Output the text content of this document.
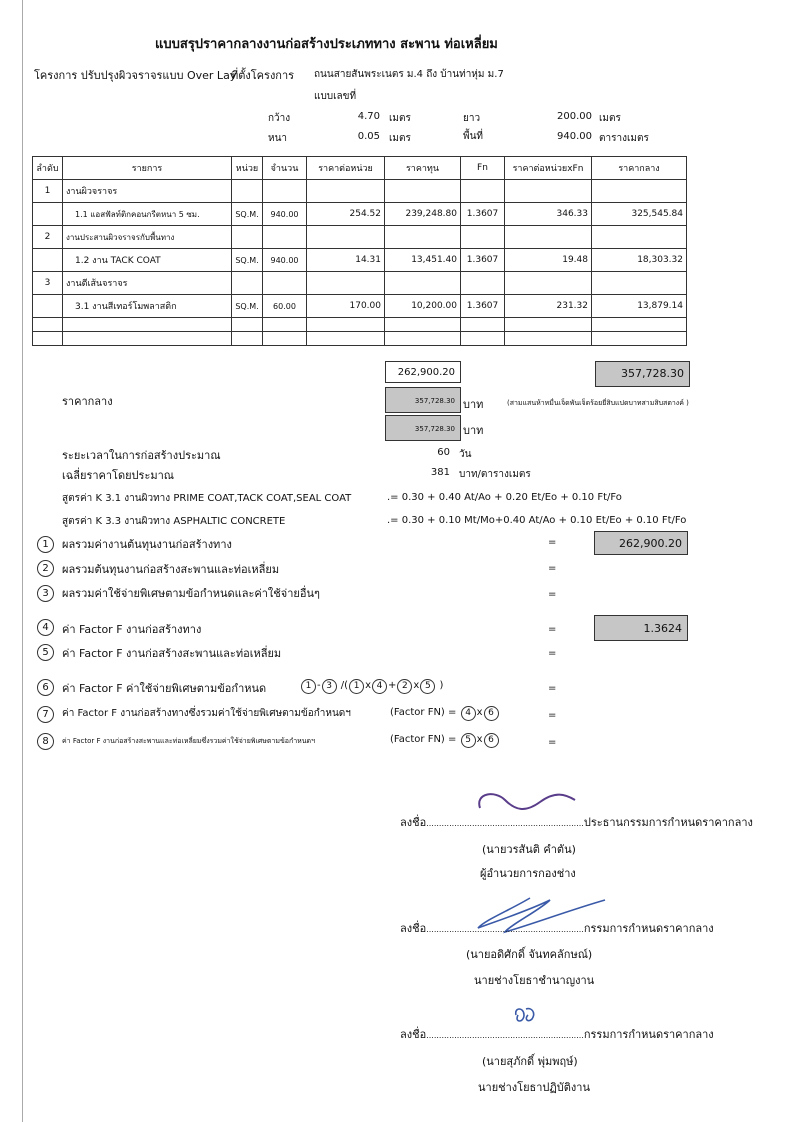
แบบสรุปราคากลางงานก่อสร้างประเภททาง สะพาน ท่อเหลี่ยม
โครงการ ปรับปรุงผิวจราจรแบบ Over Lay
ที่ตั้งโครงการ ถนนสายสันพระเนตร ม.4 ถึง บ้านท่าหุ่ม ม.7
แบบเลขที่
กว้าง	4.70 เมตร	ยาว	200.00 เมตร
หนา	0.05 เมตร	พื้นที่	940.00 ตารางเมตร
ลำดับ	รายการ	หน่วย	จำนวน	ราคาต่อหน่วย	ราคาทุน	Fn	ราคาต่อหน่วยxFn	ราคากลาง
1	งานผิวจราจร							
	1.1 แอสฟัลท์ติกคอนกรีตหนา 5 ซม.	SQ.M.	940.00	254.52	239,248.80	1.3607	346.33	325,545.84
2	งานประสานผิวจราจรกับพื้นทาง							
	1.2 งาน TACK COAT	SQ.M.	940.00	14.31	13,451.40	1.3607	19.48	18,303.32
3	งานตีเส้นจราจร							
	3.1 งานสีเทอร์โมพลาสติก	SQ.M.	60.00	170.00	10,200.00	1.3607	231.32	13,879.14

262,900.20	357,728.30
ราคากลาง	357,728.30 บาท	(สามแสนห้าหมื่นเจ็ดพันเจ็ดร้อยยี่สิบแปดบาทสามสิบสตางค์ )
357,728.30 บาท
ระยะเวลาในการก่อสร้างประมาณ	60 วัน
เฉลี่ยราคาโดยประมาณ	381 บาท/ตารางเมตร
สูตรค่า K 3.1 งานผิวทาง PRIME COAT,TACK COAT,SEAL COAT	.= 0.30 + 0.40 At/Ao + 0.20 Et/Eo + 0.10 Ft/Fo
สูตรค่า K 3.3 งานผิวทาง ASPHALTIC CONCRETE	.= 0.30 + 0.10 Mt/Mo+0.40 At/Ao + 0.10 Et/Eo + 0.10 Ft/Fo
1	ผลรวมค่างานต้นทุนงานก่อสร้างทาง	=	262,900.20
2	ผลรวมต้นทุนงานก่อสร้างสะพานและท่อเหลี่ยม	=
3	ผลรวมค่าใช้จ่ายพิเศษตามข้อกำหนดและค่าใช้จ่ายอื่นๆ	=
4	ค่า Factor F งานก่อสร้างทาง	=	1.3624
5	ค่า Factor F งานก่อสร้างสะพานและท่อเหลี่ยม	=
6	ค่า Factor F ค่าใช้จ่ายพิเศษตามข้อกำหนด	1 - 3 /( 1 x 4 + 2 x 5 )	=
7	ค่า Factor F งานก่อสร้างทางซึ่งรวมค่าใช้จ่ายพิเศษตามข้อกำหนดฯ	(Factor FN) = 4 x 6	=
8	ค่า Factor F งานก่อสร้างสะพานและท่อเหลี่ยมซึ่งรวมค่าใช้จ่ายพิเศษตามข้อกำหนดฯ	(Factor FN) = 5 x 6	=
ลงชื่อ..............................................................ประธานกรรมการกำหนดราคากลาง
(นายวรสันติ คำตัน)
ผู้อำนวยการกองช่าง
ลงชื่อ..............................................................กรรมการกำหนดราคากลาง
(นายอดิศักดิ์ จันทคลักษณ์)
นายช่างโยธาชำนาญงาน
ลงชื่อ..............................................................กรรมการกำหนดราคากลาง
(นายสุภักดิ์ พุ่มพฤษ์)
นายช่างโยธาปฏิบัติงาน
